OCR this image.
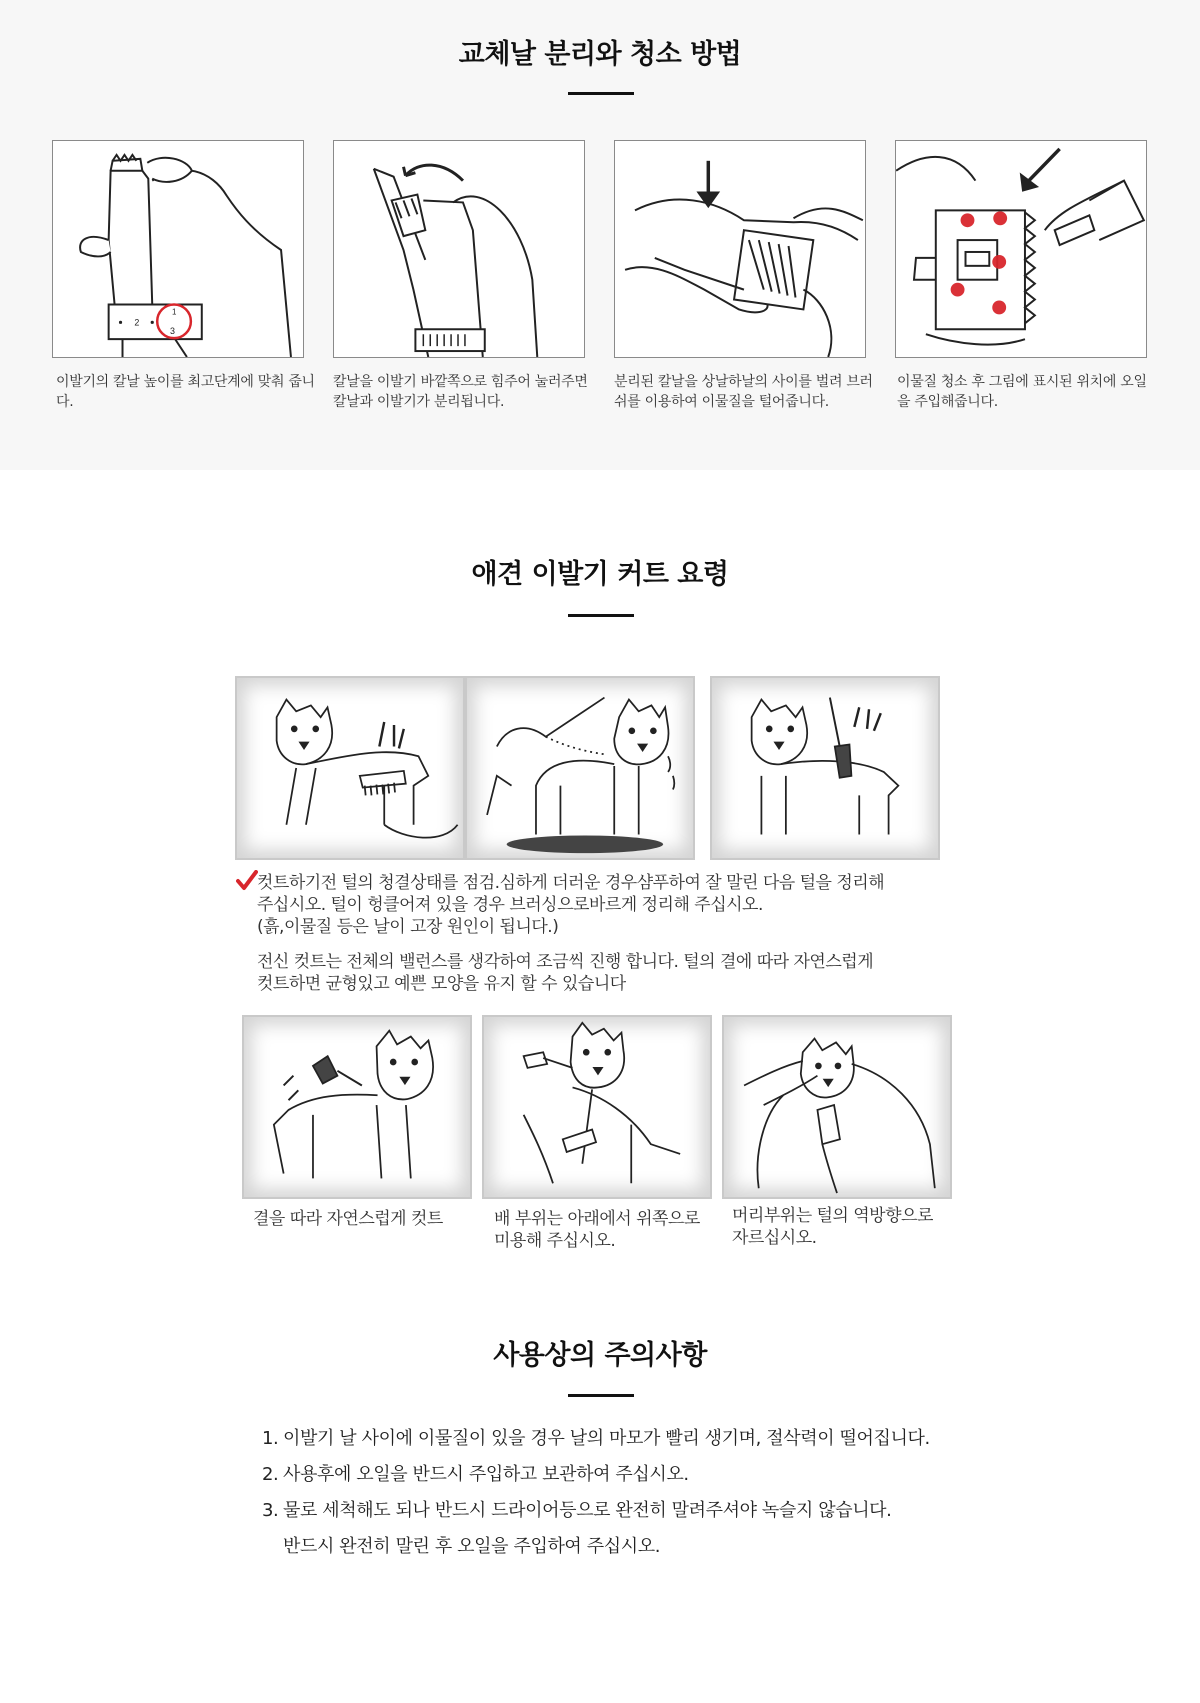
교체날 분리와 청소 방법
2
3
1
이발기의 칼날 높이를 최고단계에 맞춰 줍니다.
칼날을 이발기 바깥쪽으로 힘주어 눌러주면 칼날과 이발기가 분리됩니다.
분리된 칼날을 상날하날의 사이를 벌려 브러쉬를 이용하여 이물질을 털어줍니다.
이물질 청소 후 그림에 표시된 위치에 오일을 주입해줍니다.
애견 이발기 커트 요령
컷트하기전 털의 청결상태를 점검.심하게 더러운 경우샴푸하여 잘 말린 다음 털을 정리해
주십시오. 털이 헝클어져 있을 경우 브러싱으로바르게 정리해 주십시오.
(흙,이물질 등은 날이 고장 원인이 됩니다.)
전신 컷트는 전체의 밸런스를 생각하여 조금씩 진행 합니다. 털의 결에 따라 자연스럽게
컷트하면 균형있고 예쁜 모양을 유지 할 수 있습니다
결을 따라 자연스럽게 컷트	배 부위는 아래에서 위쪽으로
미용해 주십시오.
머리부위는 털의 역방향으로
자르십시오.
사용상의 주의사항
1. 이발기 날 사이에 이물질이 있을 경우 날의 마모가 빨리 생기며, 절삭력이 떨어집니다.
2. 사용후에 오일을 반드시 주입하고 보관하여 주십시오.
3. 물로 세척해도 되나 반드시 드라이어등으로 완전히 말려주셔야 녹슬지 않습니다.
반드시 완전히 말린 후 오일을 주입하여 주십시오.
